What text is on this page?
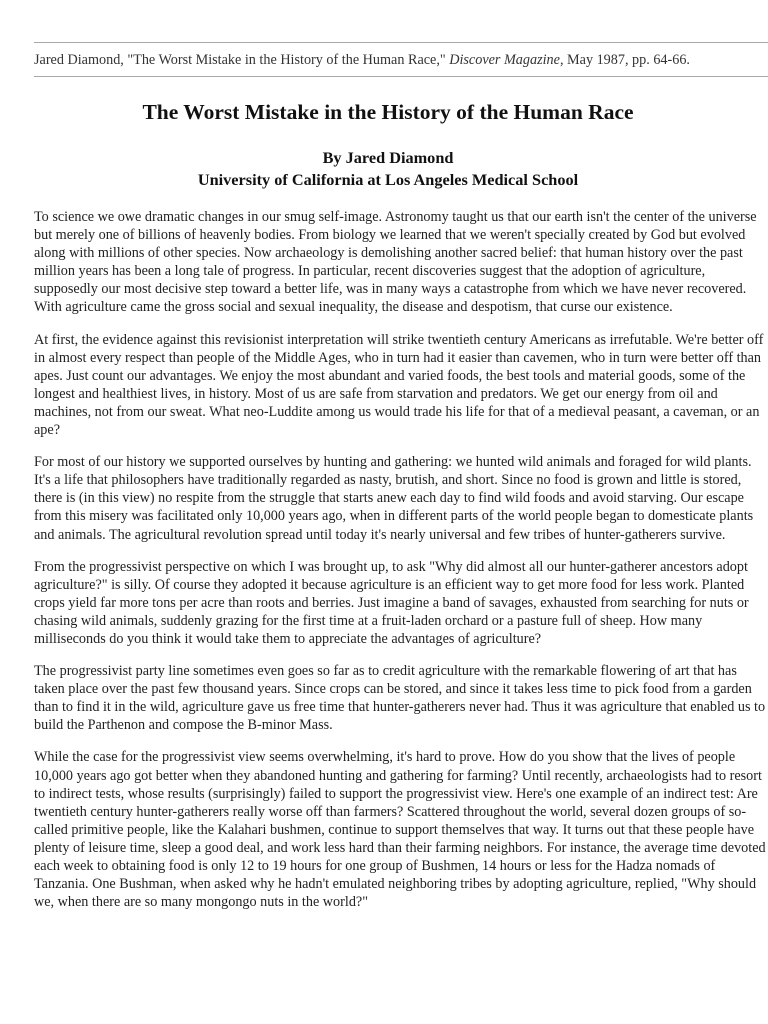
Jared Diamond, "The Worst Mistake in the History of the Human Race," Discover Magazine, May 1987, pp. 64-66.
The Worst Mistake in the History of the Human Race
By Jared Diamond
University of California at Los Angeles Medical School

To science we owe dramatic changes in our smug self-image. Astronomy taught us that our earth isn't the center of the universe but merely one of billions of heavenly bodies. From biology we learned that we weren't specially created by God but evolved along with millions of other species. Now archaeology is demolishing another sacred belief: that human history over the past million years has been a long tale of progress. In particular, recent discoveries suggest that the adoption of agriculture, supposedly our most decisive step toward a better life, was in many ways a catastrophe from which we have never recovered. With agriculture came the gross social and sexual inequality, the disease and despotism, that curse our existence.

At first, the evidence against this revisionist interpretation will strike twentieth century Americans as irrefutable. We're better off in almost every respect than people of the Middle Ages, who in turn had it easier than cavemen, who in turn were better off than apes. Just count our advantages. We enjoy the most abundant and varied foods, the best tools and material goods, some of the longest and healthiest lives, in history. Most of us are safe from starvation and predators. We get our energy from oil and machines, not from our sweat. What neo-Luddite among us would trade his life for that of a medieval peasant, a caveman, or an ape?

For most of our history we supported ourselves by hunting and gathering: we hunted wild animals and foraged for wild plants. It's a life that philosophers have traditionally regarded as nasty, brutish, and short. Since no food is grown and little is stored, there is (in this view) no respite from the struggle that starts anew each day to find wild foods and avoid starving. Our escape from this misery was facilitated only 10,000 years ago, when in different parts of the world people began to domesticate plants and animals. The agricultural revolution spread until today it's nearly universal and few tribes of hunter-gatherers survive.

From the progressivist perspective on which I was brought up, to ask "Why did almost all our hunter-gatherer ancestors adopt agriculture?" is silly. Of course they adopted it because agriculture is an efficient way to get more food for less work. Planted crops yield far more tons per acre than roots and berries. Just imagine a band of savages, exhausted from searching for nuts or chasing wild animals, suddenly grazing for the first time at a fruit-laden orchard or a pasture full of sheep. How many milliseconds do you think it would take them to appreciate the advantages of agriculture?

The progressivist party line sometimes even goes so far as to credit agriculture with the remarkable flowering of art that has taken place over the past few thousand years. Since crops can be stored, and since it takes less time to pick food from a garden than to find it in the wild, agriculture gave us free time that hunter-gatherers never had. Thus it was agriculture that enabled us to build the Parthenon and compose the B-minor Mass.

While the case for the progressivist view seems overwhelming, it's hard to prove. How do you show that the lives of people 10,000 years ago got better when they abandoned hunting and gathering for farming? Until recently, archaeologists had to resort to indirect tests, whose results (surprisingly) failed to support the progressivist view. Here's one example of an indirect test: Are twentieth century hunter-gatherers really worse off than farmers? Scattered throughout the world, several dozen groups of so-called primitive people, like the Kalahari bushmen, continue to support themselves that way. It turns out that these people have plenty of leisure time, sleep a good deal, and work less hard than their farming neighbors. For instance, the average time devoted each week to obtaining food is only 12 to 19 hours for one group of Bushmen, 14 hours or less for the Hadza nomads of Tanzania. One Bushman, when asked why he hadn't emulated neighboring tribes by adopting agriculture, replied, "Why should we, when there are so many mongongo nuts in the world?"
